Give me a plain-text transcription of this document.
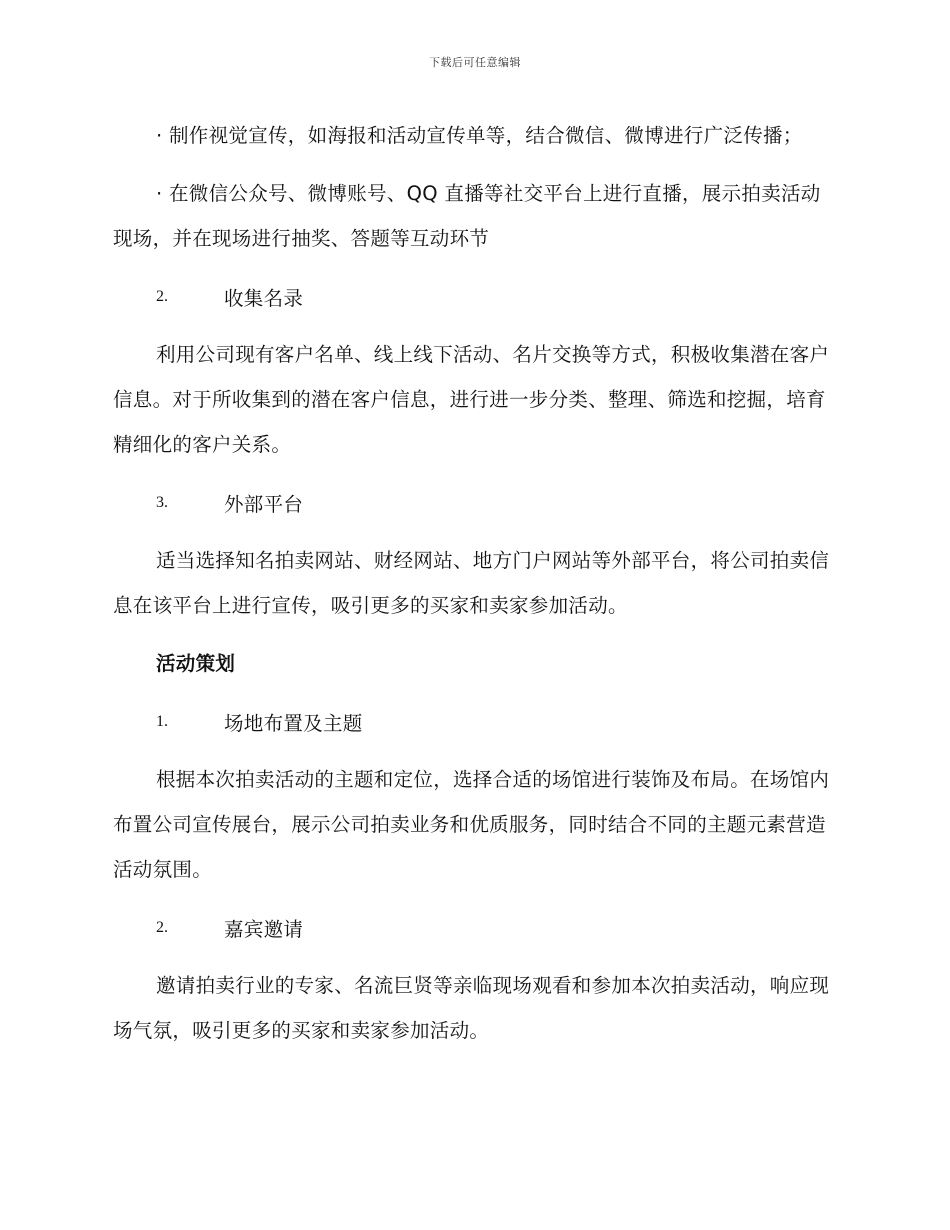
下载后可任意编辑

· 制作视觉宣传，如海报和活动宣传单等，结合微信、微博进行广泛传播；

· 在微信公众号、微博账号、QQ 直播等社交平台上进行直播，展示拍卖活动现场，并在现场进行抽奖、答题等互动环节

2.	收集名录

利用公司现有客户名单、线上线下活动、名片交换等方式，积极收集潜在客户信息。对于所收集到的潜在客户信息，进行进一步分类、整理、筛选和挖掘，培育精细化的客户关系。

3.	外部平台

适当选择知名拍卖网站、财经网站、地方门户网站等外部平台，将公司拍卖信息在该平台上进行宣传，吸引更多的买家和卖家参加活动。

活动策划
1.	场地布置及主题

根据本次拍卖活动的主题和定位，选择合适的场馆进行装饰及布局。在场馆内布置公司宣传展台，展示公司拍卖业务和优质服务，同时结合不同的主题元素营造活动氛围。

2.	嘉宾邀请

邀请拍卖行业的专家、名流巨贤等亲临现场观看和参加本次拍卖活动，响应现场气氛，吸引更多的买家和卖家参加活动。
